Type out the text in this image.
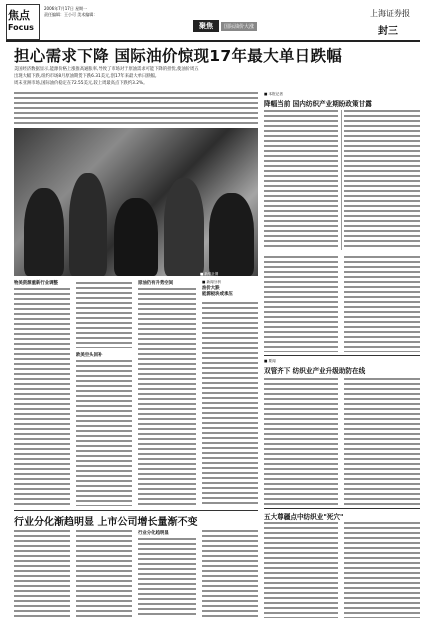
焦点
Focus
2006年7月17日 星期一
责任编辑：王小可 美术编辑：
聚焦	国际油价大涨
上海证券报
封三
担心需求下降 国际油价惊现17年最大单日跌幅
美国经济数据显示,能源价格上涨推高通胀率,导致了市场对于原油需求可能下降的担忧,使油价周五
出现大幅下跌,纽约市场8月原油期货下跌6.31美元,创17年来最大单日跌幅。
周末亚洲市场,国际油价稳定在72.55美元,较上周最高点下跌约3.2%。
■ 新华社图
■ 本报记者
降幅当前 国内纺织产业期盼政策甘露
■ 要闻
双管齐下 纺织业产业升级助防在线
五大尊疆点中纺织业"死穴"
物美资源重新行业调整
欧美空头回补
原油仍有升势空间	■ 新闻分析
油价大跌
能源板块或承压
行业分化渐趋明显 上市公司增长量渐不变
行业分化趋明显
